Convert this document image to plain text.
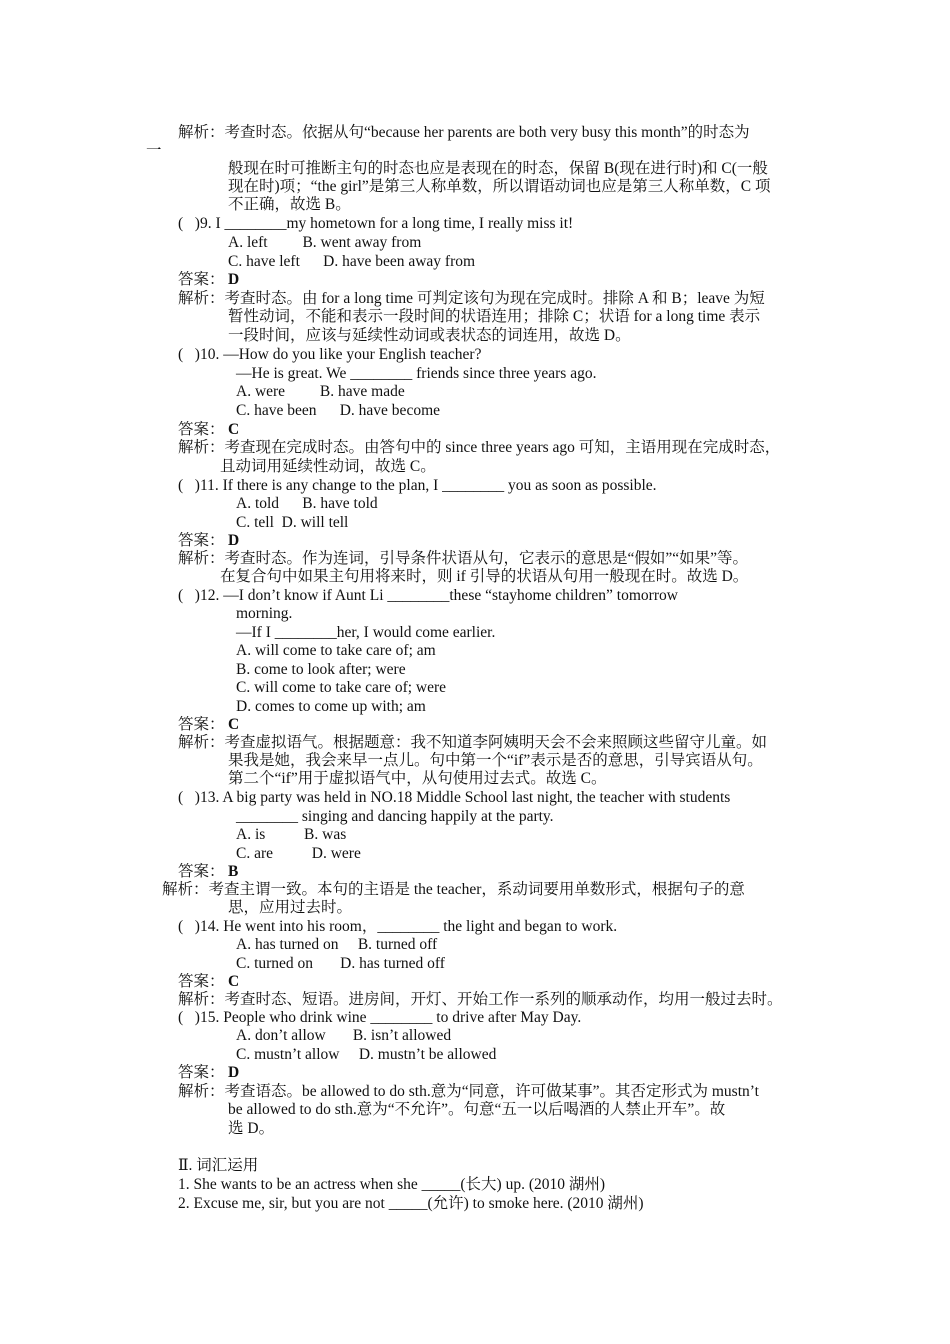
解析：考查时态。依据从句“because her parents are both very busy this month”的时态为
一
般现在时可推断主句的时态也应是表现在的时态，保留 B(现在进行时)和 C(一般
现在时)项；“the girl”是第三人称单数，所以谓语动词也应是第三人称单数，C 项
不正确，故选 B。
(   )9. I ________my hometown for a long time, I really miss it!
A. left         B. went away from
C. have left      D. have been away from
答案： D
解析：考查时态。由 for a long time 可判定该句为现在完成时。排除 A 和 B；leave 为短
暂性动词，不能和表示一段时间的状语连用；排除 C；状语 for a long time 表示
一段时间，应该与延续性动词或表状态的词连用，故选 D。
(   )10. —How do you like your English teacher?
—He is great. We ________ friends since three years ago.
A. were         B. have made
C. have been      D. have become
答案： C
解析：考查现在完成时态。由答句中的 since three years ago 可知，主语用现在完成时态，
且动词用延续性动词，故选 C。
(   )11. If there is any change to the plan, I ________ you as soon as possible.
A. told      B. have told
C. tell  D. will tell
答案： D
解析：考查时态。作为连词，引导条件状语从句，它表示的意思是“假如”“如果”等。
在复合句中如果主句用将来时，则 if 引导的状语从句用一般现在时。故选 D。
(   )12. —I don’t know if Aunt Li ________these “stayhome children” tomorrow
morning.
—If I ________her, I would come earlier.
A. will come to take care of; am
B. come to look after; were
C. will come to take care of; were
D. comes to come up with; am
答案： C
解析：考查虚拟语气。根据题意：我不知道李阿姨明天会不会来照顾这些留守儿童。如
果我是她，我会来早一点儿。句中第一个“if”表示是否的意思，引导宾语从句。
第二个“if”用于虚拟语气中，从句使用过去式。故选 C。
(   )13. A big party was held in NO.18 Middle School last night, the teacher with students
________ singing and dancing happily at the party.
A. is          B. was
C. are          D. were
答案： B
解析：考查主谓一致。本句的主语是 the teacher，系动词要用单数形式，根据句子的意
思，应用过去时。
(   )14. He went into his room，________ the light and began to work.
A. has turned on     B. turned off
C. turned on       D. has turned off
答案： C
解析：考查时态、短语。进房间，开灯、开始工作一系列的顺承动作，均用一般过去时。
(   )15. People who drink wine ________ to drive after May Day.
A. don’t allow       B. isn’t allowed
C. mustn’t allow     D. mustn’t be allowed
答案： D
解析：考查语态。be allowed to do sth.意为“同意，许可做某事”。其否定形式为 mustn’t
be allowed to do sth.意为“不允许”。句意“五一以后喝酒的人禁止开车”。故
选 D。
Ⅱ. 词汇运用
1. She wants to be an actress when she _____(长大) up. (2010 湖州)
2. Excuse me, sir, but you are not _____(允许) to smoke here. (2010 湖州)
